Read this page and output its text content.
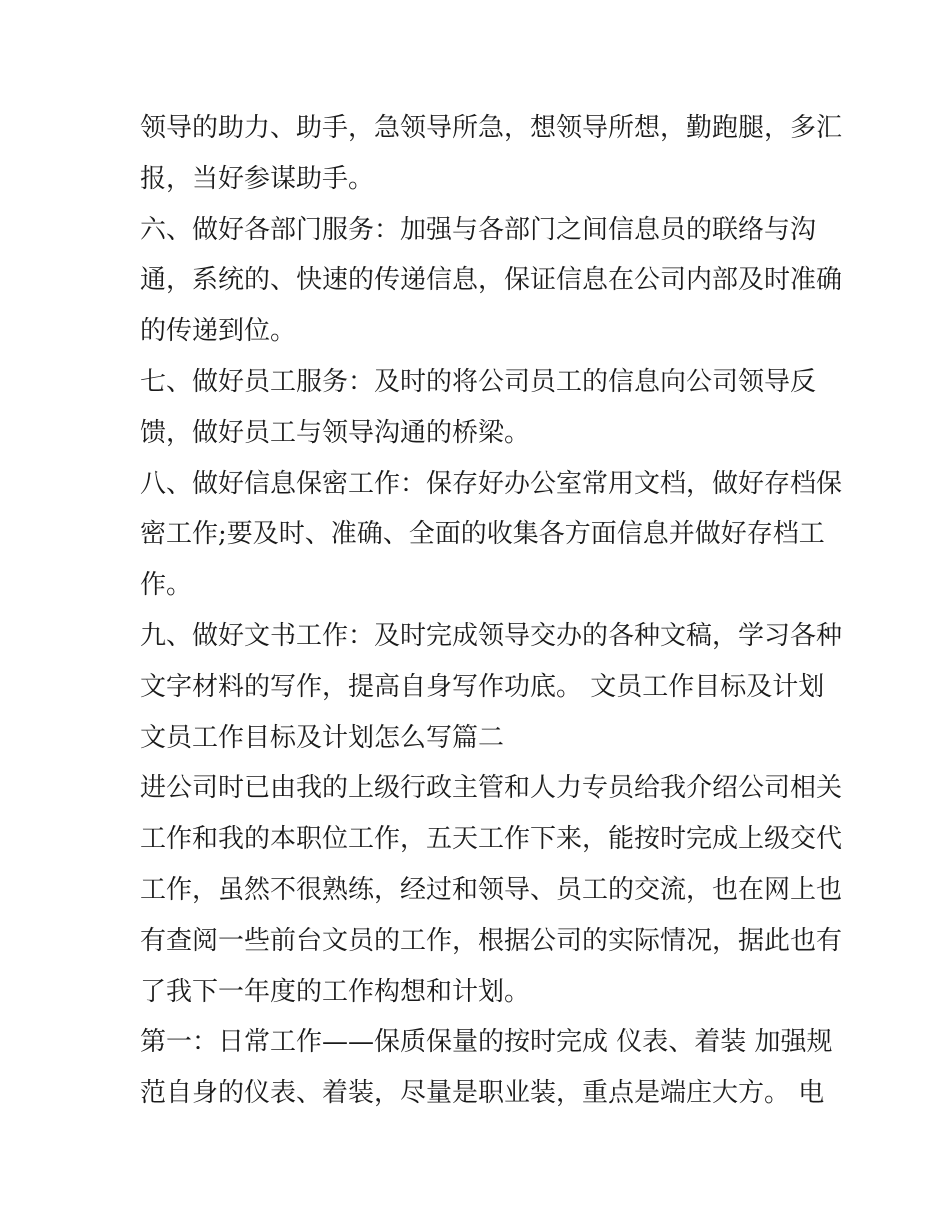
领导的助力、助手，急领导所急，想领导所想，勤跑腿，多汇
报，当好参谋助手。
六、做好各部门服务：加强与各部门之间信息员的联络与沟
通，系统的、快速的传递信息，保证信息在公司内部及时准确
的传递到位。
七、做好员工服务：及时的将公司员工的信息向公司领导反
馈，做好员工与领导沟通的桥梁。
八、做好信息保密工作：保存好办公室常用文档，做好存档保
密工作;要及时、准确、全面的收集各方面信息并做好存档工
作。
九、做好文书工作：及时完成领导交办的各种文稿，学习各种
文字材料的写作，提高自身写作功底。 文员工作目标及计划
文员工作目标及计划怎么写篇二
进公司时已由我的上级行政主管和人力专员给我介绍公司相关
工作和我的本职位工作，五天工作下来，能按时完成上级交代
工作，虽然不很熟练，经过和领导、员工的交流，也在网上也
有查阅一些前台文员的工作，根据公司的实际情况，据此也有
了我下一年度的工作构想和计划。
第一：日常工作——保质保量的按时完成 仪表、着装 加强规
范自身的仪表、着装，尽量是职业装，重点是端庄大方。 电
